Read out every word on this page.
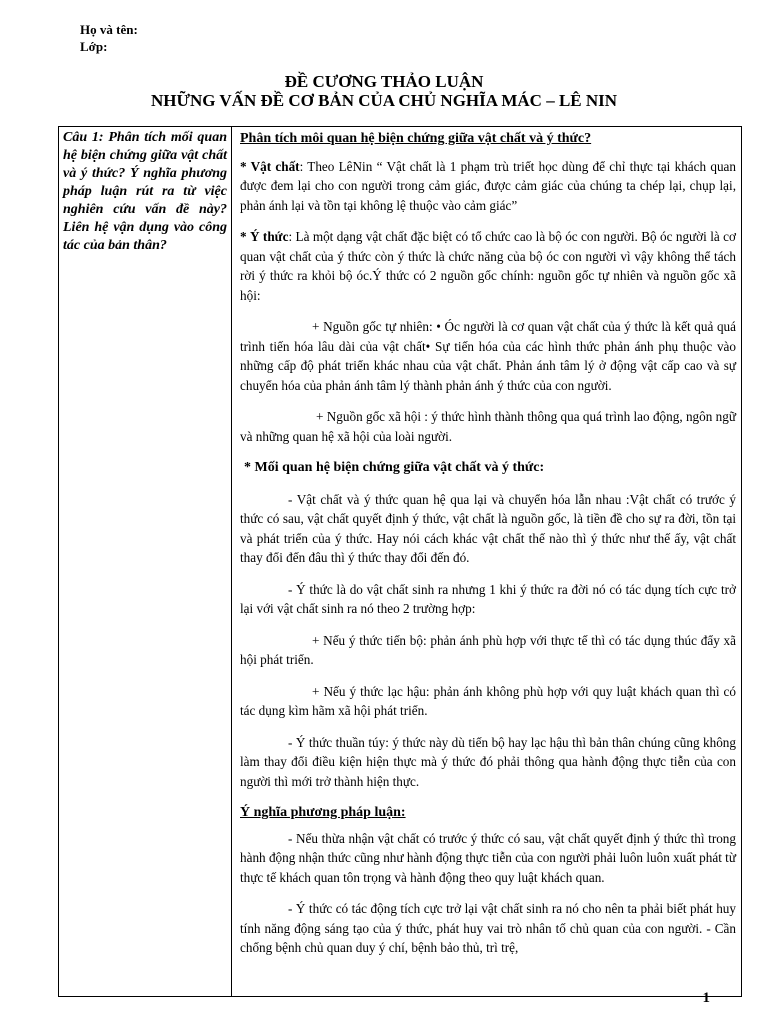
Họ và tên:
Lớp:
ĐỀ CƯƠNG THẢO LUẬN
NHỮNG VẤN ĐỀ CƠ BẢN CỦA CHỦ NGHĨA MÁC – LÊ NIN
Câu 1: Phân tích mối quan hệ biện chứng giữa vật chất và ý thức? Ý nghĩa phương pháp luận rút ra từ việc nghiên cứu vấn đề này? Liên hệ vận dụng vào công tác của bản thân?

Phân tích môi quan hệ biện chứng giữa vật chất và ý thức?

* Vật chất: Theo LêNin “ Vật chất là 1 phạm trù triết học dùng để chỉ thực tại khách quan được đem lại cho con người trong cảm giác, được cảm giác của chúng ta chép lại, chụp lại, phản ánh lại và tồn tại không lệ thuộc vào cảm giác”

* Ý thức: Là một dạng vật chất đặc biệt có tổ chức cao là bộ óc con người. Bộ óc người là cơ quan vật chất của ý thức còn ý thức là chức năng của bộ óc con người vì vậy không thể tách rời ý thức ra khỏi bộ óc.Ý thức có 2 nguồn gốc chính: nguồn gốc tự nhiên và nguồn gốc xã hội:

+ Nguồn gốc tự nhiên: • Óc người là cơ quan vật chất của ý thức là kết quả quá trình tiến hóa lâu dài của vật chất• Sự tiến hóa của các hình thức phản ánh phụ thuộc vào những cấp độ phát triển khác nhau của vật chất. Phản ánh tâm lý ở động vật cấp cao và sự chuyển hóa của phản ánh tâm lý thành phản ánh ý thức của con người.

+ Nguồn gốc xã hội : ý thức hình thành thông qua quá trình lao động, ngôn ngữ và những quan hệ xã hội của loài người.

* Mối quan hệ biện chứng giữa vật chất và ý thức:

- Vật chất và ý thức quan hệ qua lại và chuyển hóa lẫn nhau :Vật chất có trước ý thức có sau, vật chất quyết định ý thức, vật chất là nguồn gốc, là tiền đề cho sự ra đời, tồn tại và phát triển của ý thức. Hay nói cách khác vật chất thế nào thì ý thức như thế ấy, vật chất thay đổi đến đâu thì ý thức thay đổi đến đó.

- Ý thức là do vật chất sinh ra nhưng 1 khi ý thức ra đời nó có tác dụng tích cực trở lại với vật chất sinh ra nó theo 2 trường hợp:

+ Nếu ý thức tiến bộ: phản ánh phù hợp với thực tế thì có tác dụng thúc đẩy xã hội phát triển.

+ Nếu ý thức lạc hậu: phản ánh không phù hợp với quy luật khách quan thì có tác dụng kìm hãm xã hội phát triển.

- Ý thức thuần túy: ý thức này dù tiến bộ hay lạc hậu thì bản thân chúng cũng không làm thay đổi điều kiện hiện thực mà ý thức đó phải thông qua hành động thực tiễn của con người thì mới trở thành hiện thực.

Ý nghĩa phương pháp luận:

- Nếu thừa nhận vật chất có trước ý thức có sau, vật chất quyết định ý thức thì trong hành động nhận thức cũng như hành động thực tiễn của con người phải luôn luôn xuất phát từ thực tế khách quan tôn trọng và hành động theo quy luật khách quan.

- Ý thức có tác động tích cực trở lại vật chất sinh ra nó cho nên ta phải biết phát huy tính năng động sáng tạo của ý thức, phát huy vai trò nhân tố chủ quan của con người. - Cần chống bệnh chủ quan duy ý chí, bệnh bảo thủ, trì trệ,

1
